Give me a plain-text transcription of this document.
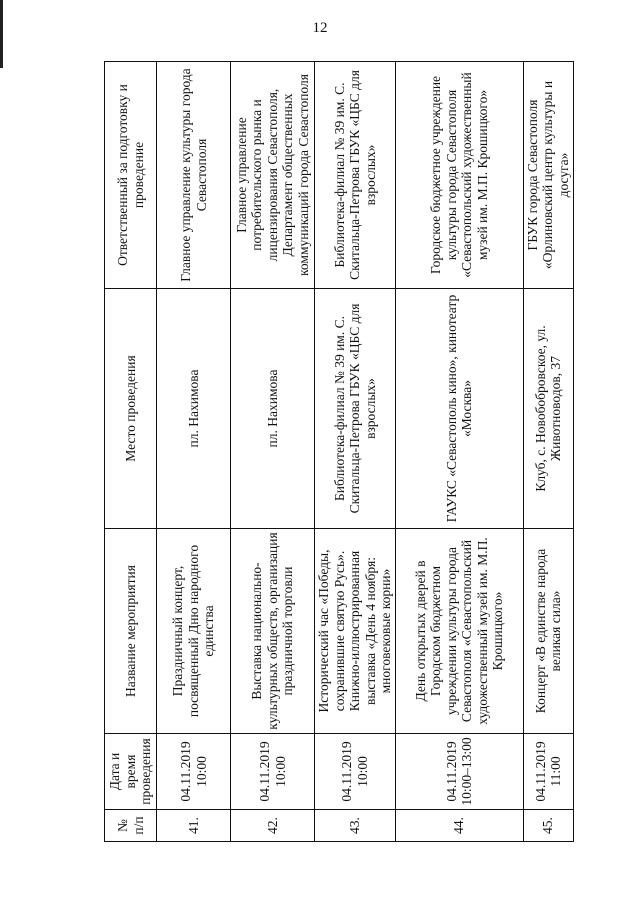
12
№ п/п	Дата и время проведения	Название мероприятия	Место проведения	Ответственный за подготовку и проведение
41.	04.11.2019 10:00	Праздничный концерт, посвященный Дню народного единства	пл. Нахимова	Главное управление культуры города Севастополя
42.	04.11.2019 10:00	Выставка национально-культурных обществ, организация праздничной торговли	пл. Нахимова	Главное управление потребительского рынка и лицензирования Севастополя, Департамент общественных коммуникаций города Севастополя
43.	04.11.2019 10:00	Исторический час «Победы, сохранившие святую Русь». Книжно-иллюстрированная выставка «День 4 ноября: многовековые корни»	Библиотека-филиал № 39 им. С. Скитальца-Петрова ГБУК «ЦБС для взрослых»	Библиотека-филиал № 39 им. С. Скитальца-Петрова ГБУК «ЦБС для взрослых»
44.	04.11.2019 10:00–13:00	День открытых дверей в Городском бюджетном учреждении культуры города Севастополя «Севастопольский художественный музей им. М.П. Крошицкого»	ГАУКС «Севастополь кино», кинотеатр «Москва»	Городское бюджетное учреждение культуры города Севастополя «Севастопольский художественный музей им. М.П. Крошицкого»
45.	04.11.2019 11:00	Концерт «В единстве народа великая сила»	Клуб, с. Новобобровское, ул. Животноводов, 37	ГБУК города Севастополя «Орлиновский центр культуры и досуга»
